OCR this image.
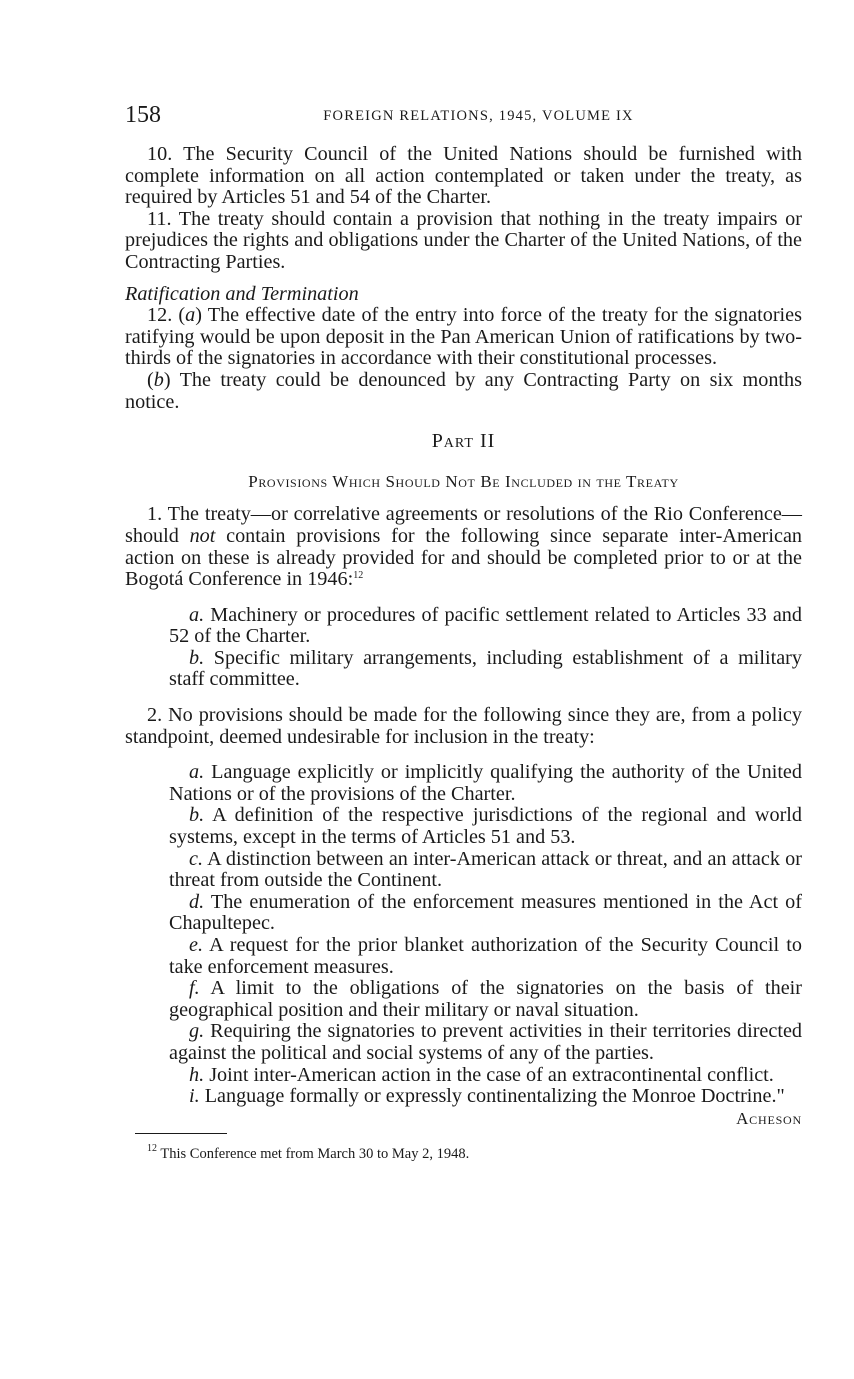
158	FOREIGN RELATIONS, 1945, VOLUME IX

10. The Security Council of the United Nations should be furnished with complete information on all action contemplated or taken under the treaty, as required by Articles 51 and 54 of the Charter.

11. The treaty should contain a provision that nothing in the treaty impairs or prejudices the rights and obligations under the Charter of the United Nations, of the Contracting Parties.

Ratification and Termination

12. (a) The effective date of the entry into force of the treaty for the signatories ratifying would be upon deposit in the Pan American Union of ratifications by two-thirds of the signatories in accordance with their constitutional processes.

(b) The treaty could be denounced by any Contracting Party on six months notice.

Part II

Provisions Which Should Not Be Included in the Treaty

1. The treaty—or correlative agreements or resolutions of the Rio Conference—should not contain provisions for the following since separate inter-American action on these is already provided for and should be completed prior to or at the Bogotá Conference in 1946:$^{12}$

a. Machinery or procedures of pacific settlement related to Articles 33 and 52 of the Charter.

b. Specific military arrangements, including establishment of a military staff committee.

2. No provisions should be made for the following since they are, from a policy standpoint, deemed undesirable for inclusion in the treaty:

a. Language explicitly or implicitly qualifying the authority of the United Nations or of the provisions of the Charter.

b. A definition of the respective jurisdictions of the regional and world systems, except in the terms of Articles 51 and 53.

c. A distinction between an inter-American attack or threat, and an attack or threat from outside the Continent.

d. The enumeration of the enforcement measures mentioned in the Act of Chapultepec.

e. A request for the prior blanket authorization of the Security Council to take enforcement measures.

f. A limit to the obligations of the signatories on the basis of their geographical position and their military or naval situation.

g. Requiring the signatories to prevent activities in their territories directed against the political and social systems of any of the parties.

h. Joint inter-American action in the case of an extracontinental conflict.

i. Language formally or expressly continentalizing the Monroe Doctrine."

Acheson

$^{12}$ This Conference met from March 30 to May 2, 1948.
